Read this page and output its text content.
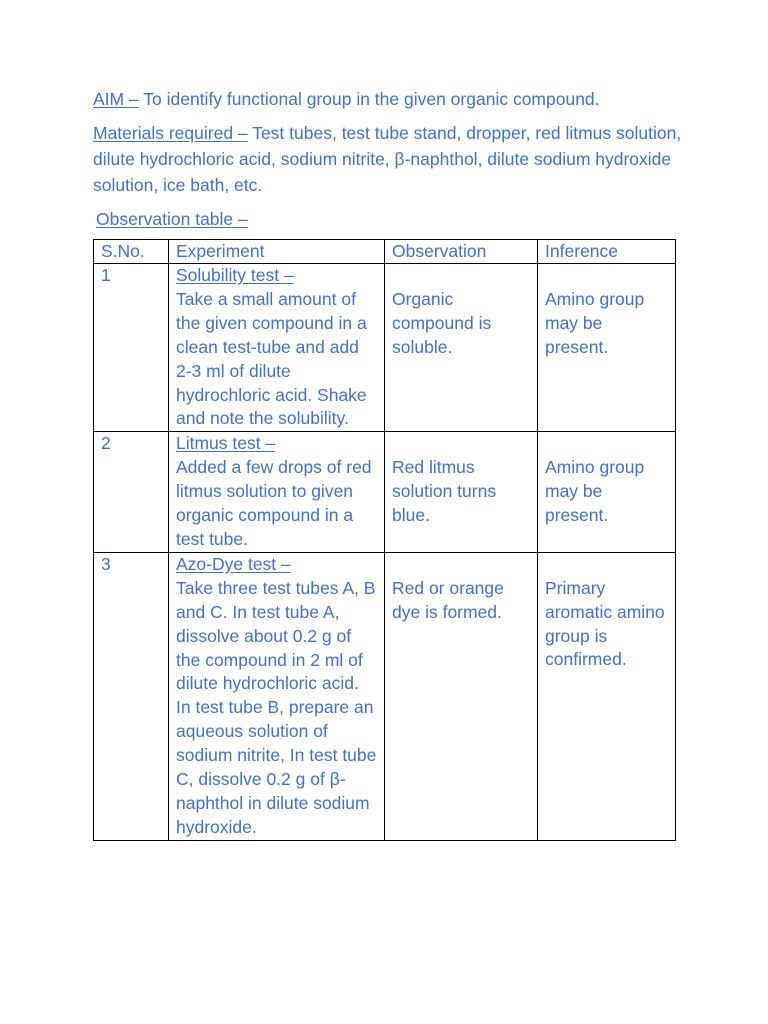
AIM – To identify functional group in the given organic compound.

Materials required – Test tubes, test tube stand, dropper, red litmus solution, dilute hydrochloric acid, sodium nitrite, β-naphthol, dilute sodium hydroxide solution, ice bath, etc.

Observation table –

S.No.	Experiment	Observation	Inference
1	Solubility test –
Take a small amount of the given compound in a clean test-tube and add 2-3 ml of dilute hydrochloric acid. Shake and note the solubility.	Organic compound is soluble.	Amino group may be present.

2	Litmus test –
Added a few drops of red litmus solution to given organic compound in a test tube.	Red litmus solution turns blue.	Amino group may be present.

3	Azo-Dye test –
Take three test tubes A, B and C. In test tube A, dissolve about 0.2 g of the compound in 2 ml of dilute hydrochloric acid. In test tube B, prepare an aqueous solution of sodium nitrite, In test tube C, dissolve 0.2 g of β-naphthol in dilute sodium hydroxide.	Red or orange dye is formed.	Primary aromatic amino group is confirmed.
